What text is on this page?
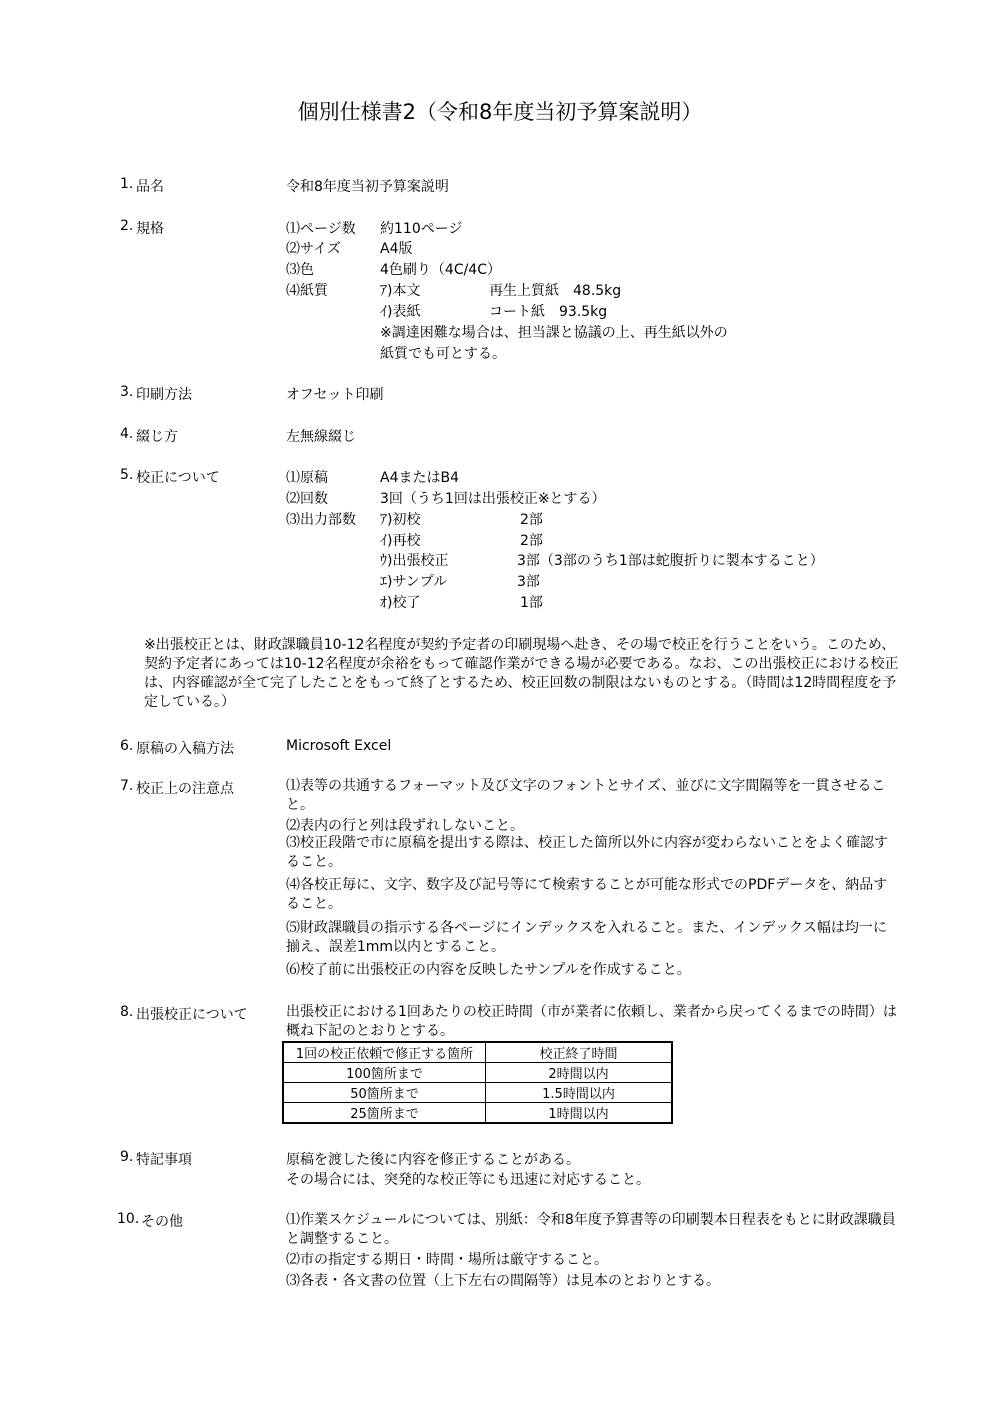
個別仕様書2（令和8年度当初予算案説明）
1. 品名	令和8年度当初予算案説明
2. 規格	⑴ページ数 約110ページ
⑵サイズ	A4版
⑶色	4色刷り（4C/4C）
⑷紙質	ｱ)本文	再生上質紙　48.5kg
ｲ)表紙	コート紙　93.5kg
※調達困難な場合は、担当課と協議の上、再生紙以外の
紙質でも可とする。
3. 印刷方法	オフセット印刷
4. 綴じ方	左無線綴じ
5. 校正について	⑴原稿	A4またはB4
⑵回数	3回（うち1回は出張校正※とする）
⑶出力部数 ｱ)初校	2部
ｲ)再校	2部
ｳ)出張校正	3部（3部のうち1部は蛇腹折りに製本すること）
ｴ)サンプル	3部
ｵ)校了	1部
※出張校正とは、財政課職員10-12名程度が契約予定者の印刷現場へ赴き、その場で校正を行うことをいう。このため、契約予定者にあっては10-12名程度が余裕をもって確認作業ができる場が必要である。なお、この出張校正における校正は、内容確認が全て完了したことをもって終了とするため、校正回数の制限はないものとする。（時間は12時間程度を予定している。）
6. 原稿の入稿方法	Microsoft Excel
7. 校正上の注意点	⑴表等の共通するフォーマット及び文字のフォントとサイズ、並びに文字間隔等を一貫させること。
⑵表内の行と列は段ずれしないこと。
⑶校正段階で市に原稿を提出する際は、校正した箇所以外に内容が変わらないことをよく確認すること。
⑷各校正毎に、文字、数字及び記号等にて検索することが可能な形式でのPDFデータを、納品すること。
⑸財政課職員の指示する各ページにインデックスを入れること。また、インデックス幅は均一に揃え、誤差1mm以内とすること。
⑹校了前に出張校正の内容を反映したサンプルを作成すること。
8. 出張校正について	出張校正における1回あたりの校正時間（市が業者に依頼し、業者から戻ってくるまでの時間）は概ね下記のとおりとする。
1回の校正依頼で修正する箇所	校正終了時間
100箇所まで	2時間以内
50箇所まで	1.5時間以内
25箇所まで	1時間以内
9. 特記事項	原稿を渡した後に内容を修正することがある。
その場合には、突発的な校正等にも迅速に対応すること。
10. その他	⑴作業スケジュールについては、別紙：令和8年度予算書等の印刷製本日程表をもとに財政課職員と調整すること。
⑵市の指定する期日・時間・場所は厳守すること。
⑶各表・各文書の位置（上下左右の間隔等）は見本のとおりとする。
